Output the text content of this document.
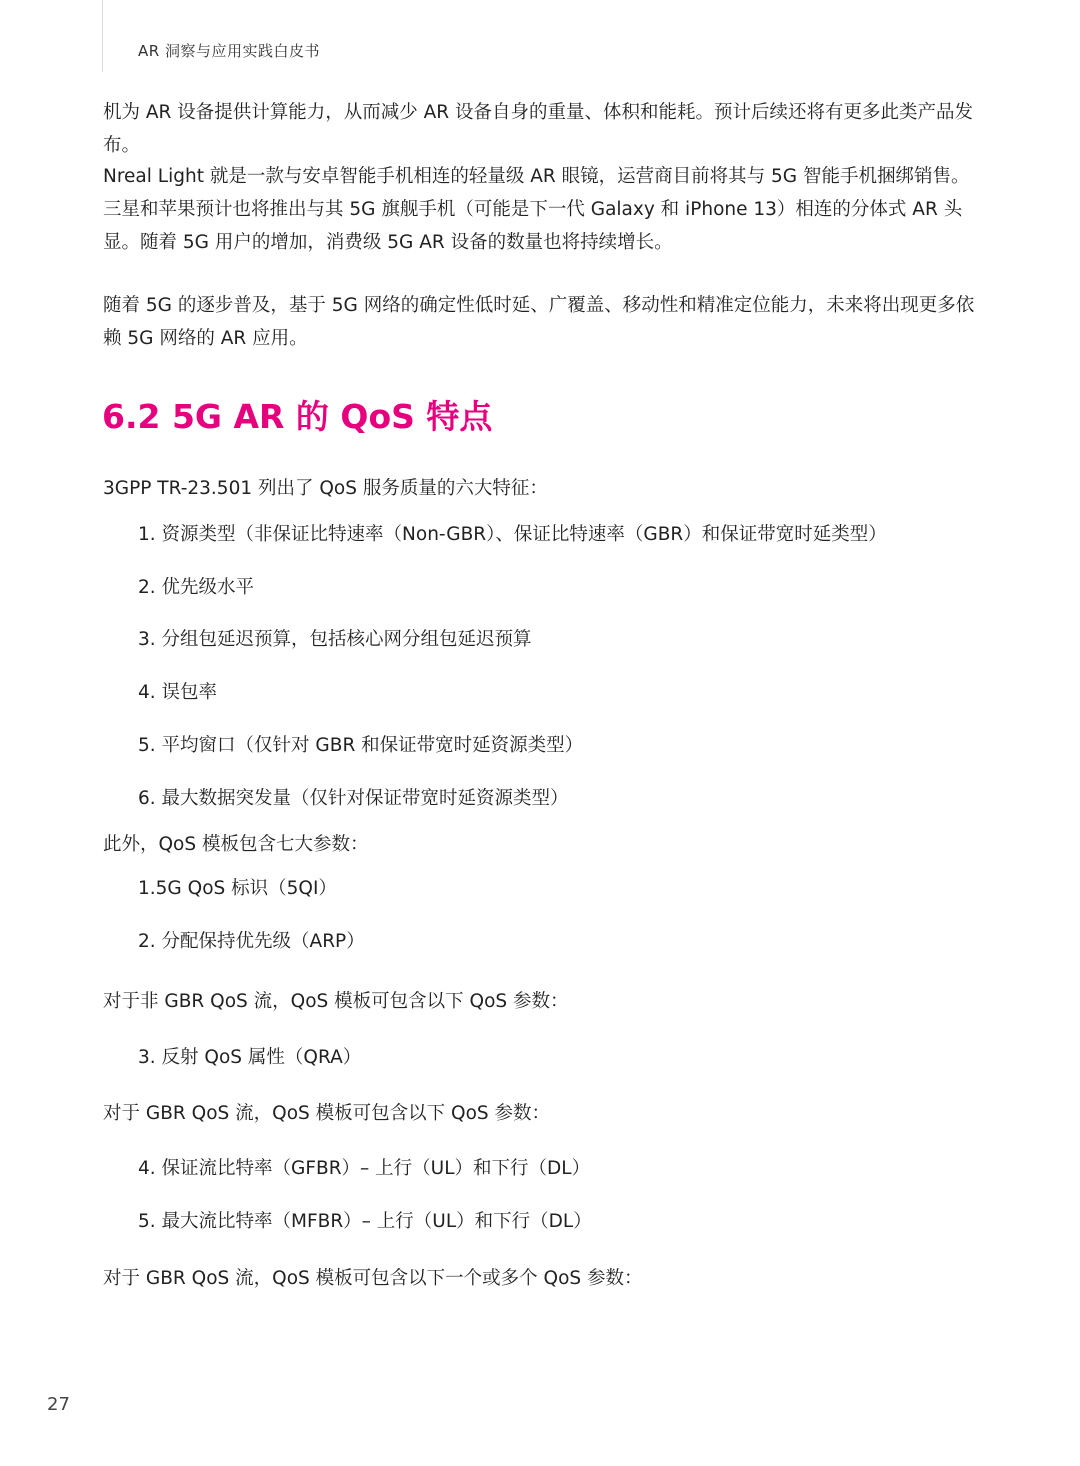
AR 洞察与应用实践白皮书

机为 AR 设备提供计算能力，从而减少 AR 设备自身的重量、体积和能耗。预计后续还将有更多此类产品发布。

Nreal Light 就是一款与安卓智能手机相连的轻量级 AR 眼镜，运营商目前将其与 5G 智能手机捆绑销售。三星和苹果预计也将推出与其 5G 旗舰手机（可能是下一代 Galaxy 和 iPhone 13）相连的分体式 AR 头显。随着 5G 用户的增加，消费级 5G AR 设备的数量也将持续增长。

随着 5G 的逐步普及，基于 5G 网络的确定性低时延、广覆盖、移动性和精准定位能力，未来将出现更多依赖 5G 网络的 AR 应用。

6.2 5G AR 的 QoS 特点

3GPP TR-23.501 列出了 QoS 服务质量的六大特征：

1. 资源类型（非保证比特速率（Non-GBR）、保证比特速率（GBR）和保证带宽时延类型）

2. 优先级水平

3. 分组包延迟预算，包括核心网分组包延迟预算

4. 误包率

5. 平均窗口（仅针对 GBR 和保证带宽时延资源类型）

6. 最大数据突发量（仅针对保证带宽时延资源类型）

此外，QoS 模板包含七大参数：

1.5G QoS 标识（5QI）

2. 分配保持优先级（ARP）

对于非 GBR QoS 流，QoS 模板可包含以下 QoS 参数：

3. 反射 QoS 属性（QRA）

对于 GBR QoS 流，QoS 模板可包含以下 QoS 参数：

4. 保证流比特率（GFBR）– 上行（UL）和下行（DL）

5. 最大流比特率（MFBR）– 上行（UL）和下行（DL）

对于 GBR QoS 流，QoS 模板可包含以下一个或多个 QoS 参数：

27
